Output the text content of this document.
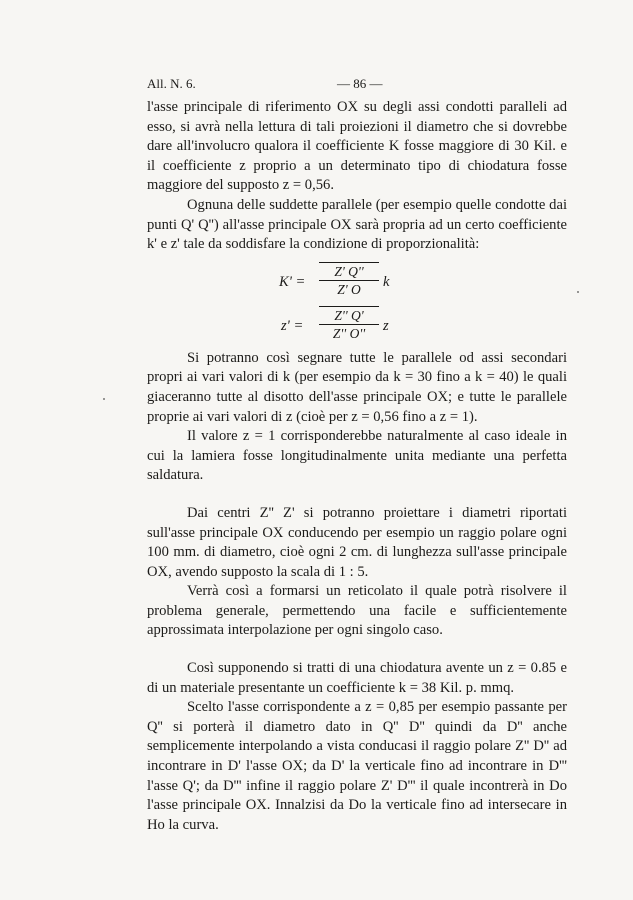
All. N. 6.	— 86 —

l'asse principale di riferimento OX su degli assi condotti paralleli ad esso, si avrà nella lettura di tali proiezioni il diametro che si dovrebbe dare all'involucro qualora il coefficiente K fosse maggiore di 30 Kil. e il coefficiente z proprio a un determinato tipo di chiodatura fosse maggiore del supposto z = 0,56.

Ognuna delle suddette parallele (per esempio quelle condotte dai punti Q' Q'') all'asse principale OX sarà propria ad un certo coefficiente k' e z' tale da soddisfare la condizione di proporzionalità:

$K' = \frac{Z' Q''}{Z' O}$ k
$z' = \frac{Z'' Q'}{Z'' O''}$ z

Si potranno così segnare tutte le parallele od assi secondari propri ai vari valori di k (per esempio da k = 30 fino a k = 40) le quali giaceranno tutte al disotto dell'asse principale OX; e tutte le parallele proprie ai vari valori di z (cioè per z = 0,56 fino a z = 1).

Il valore z = 1 corrisponderebbe naturalmente al caso ideale in cui la lamiera fosse longitudinalmente unita mediante una perfetta saldatura.

Dai centri Z'' Z' si potranno proiettare i diametri riportati sull'asse principale OX conducendo per esempio un raggio polare ogni 100 mm. di diametro, cioè ogni 2 cm. di lunghezza sull'asse principale OX, avendo supposto la scala di 1 : 5.

Verrà così a formarsi un reticolato il quale potrà risolvere il problema generale, permettendo una facile e sufficientemente approssimata interpolazione per ogni singolo caso.

Così supponendo si tratti di una chiodatura avente un z = 0.85 e di un materiale presentante un coefficiente k = 38 Kil. p. mmq.

Scelto l'asse corrispondente a z = 0,85 per esempio passante per Q'' si porterà il diametro dato in Q'' D'' quindi da D'' anche semplicemente interpolando a vista conducasi il raggio polare Z'' D'' ad incontrare in D' l'asse OX; da D' la verticale fino ad incontrare in D''' l'asse Q'; da D''' infine il raggio polare Z' D''' il quale incontrerà in Do l'asse principale OX. Innalzisi da Do la verticale fino ad intersecare in Ho la curva.
